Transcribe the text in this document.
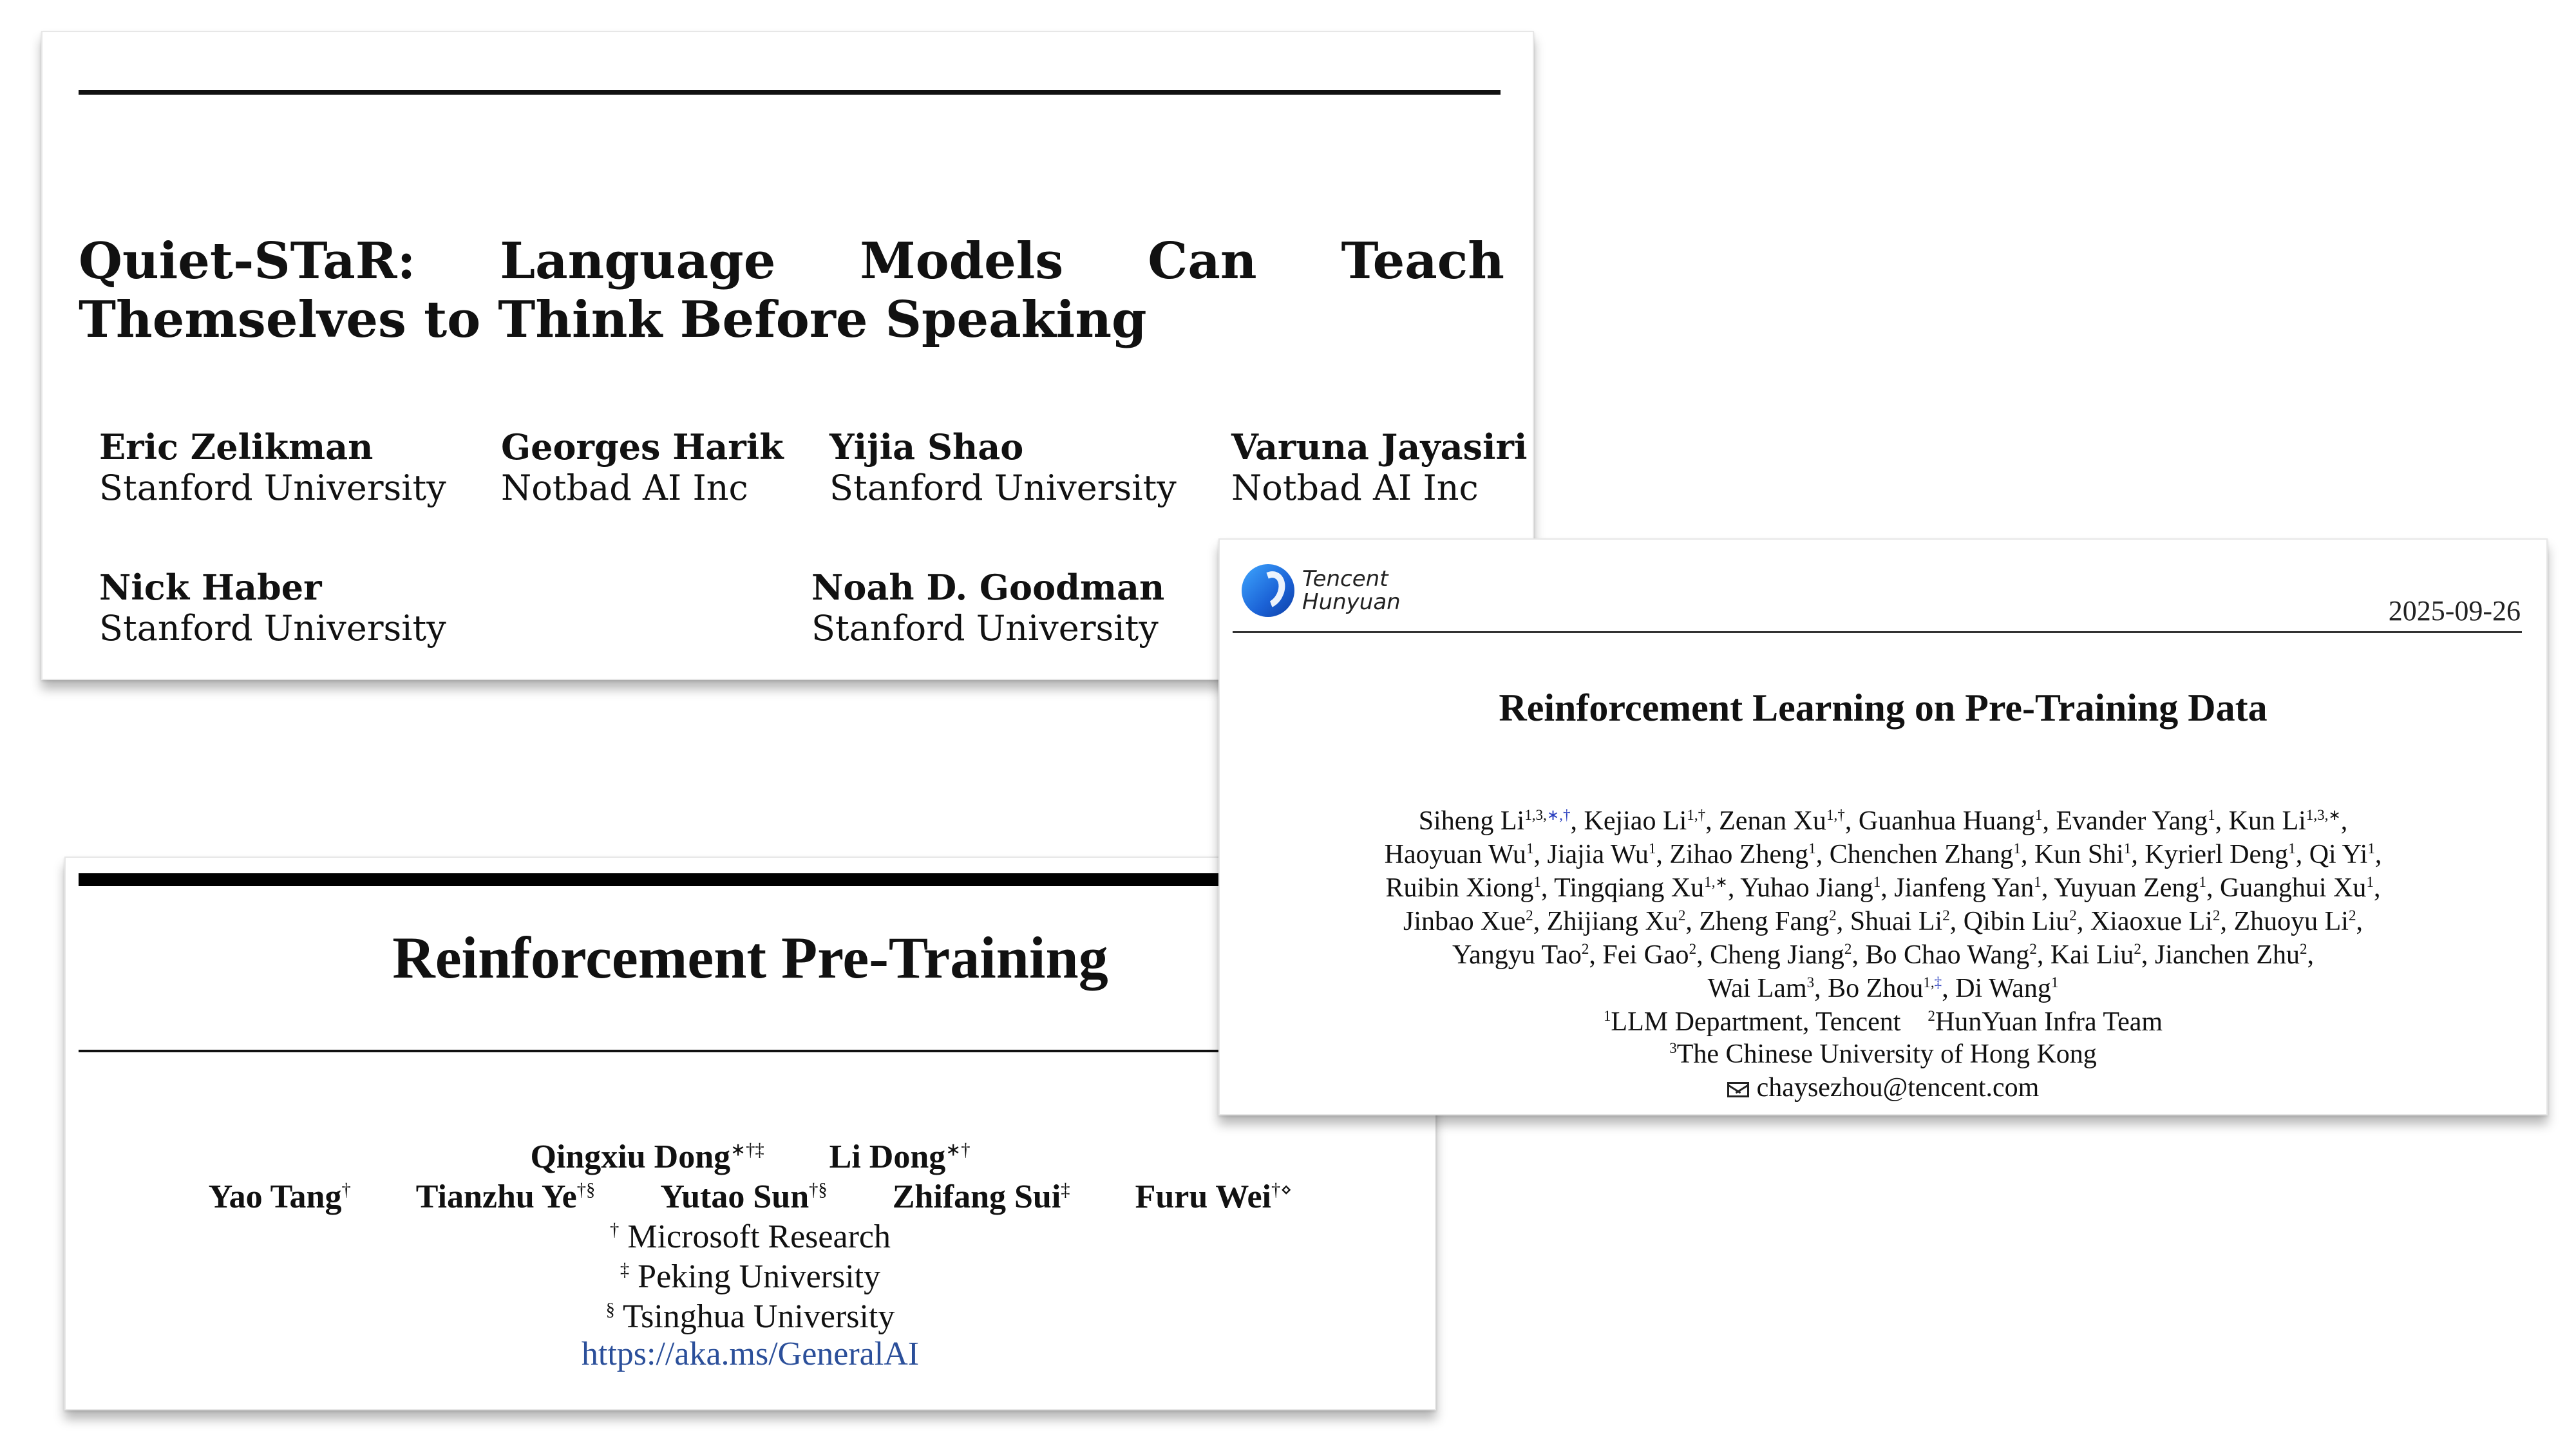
Quiet-STaR: Language Models Can Teach Themselves to Think Before Speaking
Eric Zelikman
Stanford University
Georges Harik
Notbad AI Inc
Yijia Shao
Stanford University
Varuna Jayasiri
Notbad AI Inc
Nick Haber
Stanford University
Noah D. Goodman
Stanford University
Reinforcement Pre-Training
Qingxiu Dong∗†‡ Li Dong∗†
Yao Tang† Tianzhu Ye†§ Yutao Sun†§ Zhifang Sui‡ Furu Wei†⋄
† Microsoft Research
‡ Peking University
§ Tsinghua University
https://aka.ms/GeneralAI
Tencent
Hunyuan	2025-09-26
Reinforcement Learning on Pre-Training Data
Siheng $Li^{1,3,∗,\dagger}$, Kejiao $Li^{1,\dagger}$, Zenan $Xu^{1,\dagger}$, Guanhua Huang$^1$, Evander Yang$^1$, Kun $Li^{1,3,∗}$,
Haoyuan Wu$^1$, Jiajia Wu$^1$, Zihao Zheng$^1$, Chenchen Zhang$^1$, Kun Shi$^1$, Kyrierl Deng$^1$, Qi Yi$^1$,
Ruibin Xiong$^1$, Tingqiang $Xu^{1,∗}$, Yuhao Jiang$^1$, Jianfeng Yan$^1$, Yuyuan Zeng$^1$, Guanghui Xu$^1$,
Jinbao Xue$^2$, Zhijiang Xu$^2$, Zheng Fang$^2$, Shuai Li$^2$, Qibin Liu$^2$, Xiaoxue Li$^2$, Zhuoyu Li$^2$,
Yangyu Tao$^2$, Fei Gao$^2$, Cheng Jiang$^2$, Bo Chao Wang$^2$, Kai Liu$^2$, Jianchen Zhu$^2$,
Wai Lam$^3$, Bo Zhou$^{1,\ddagger}$, Di Wang$^1$
$^1$LLM Department, Tencent $^2$HunYuan Infra Team
$^3$The Chinese University of Hong Kong
chaysezhou@tencent.com
